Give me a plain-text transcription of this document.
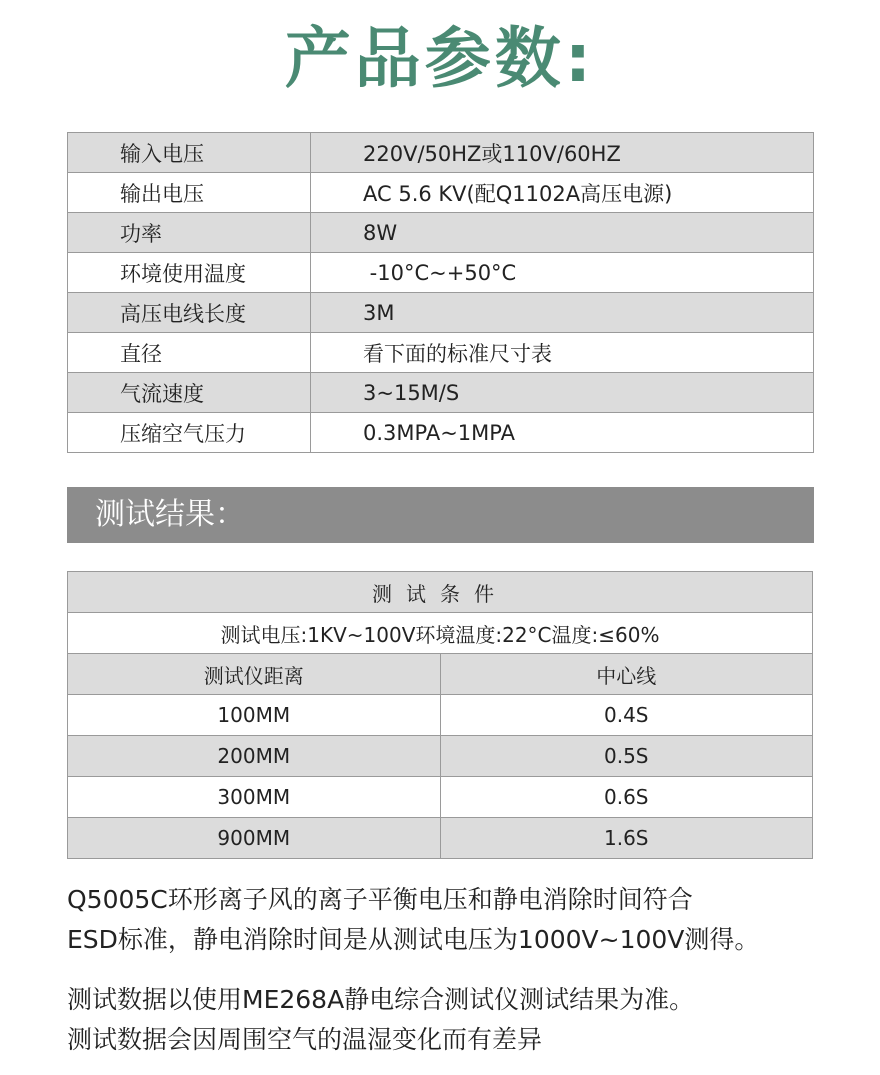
产品参数:
输入电压	220V/50HZ或110V/60HZ
输出电压	AC 5.6 KV(配Q1102A高压电源)
功率	8W
环境使用温度	-10°C~+50°C
高压电线长度	3M
直径	看下面的标准尺寸表
气流速度	3~15M/S
压缩空气压力	0.3MPA~1MPA
测试结果：
测试条件	
测试电压:1KV~100V环境温度:22°C温度:≤60%	
测试仪距离	中心线
100MM	0.4S
200MM	0.5S
300MM	0.6S
900MM	1.6S
Q5005C环形离子风的离子平衡电压和静电消除时间符合
ESD标准，静电消除时间是从测试电压为1000V~100V测得。
测试数据以使用ME268A静电综合测试仪测试结果为准。
测试数据会因周围空气的温湿变化而有差异
